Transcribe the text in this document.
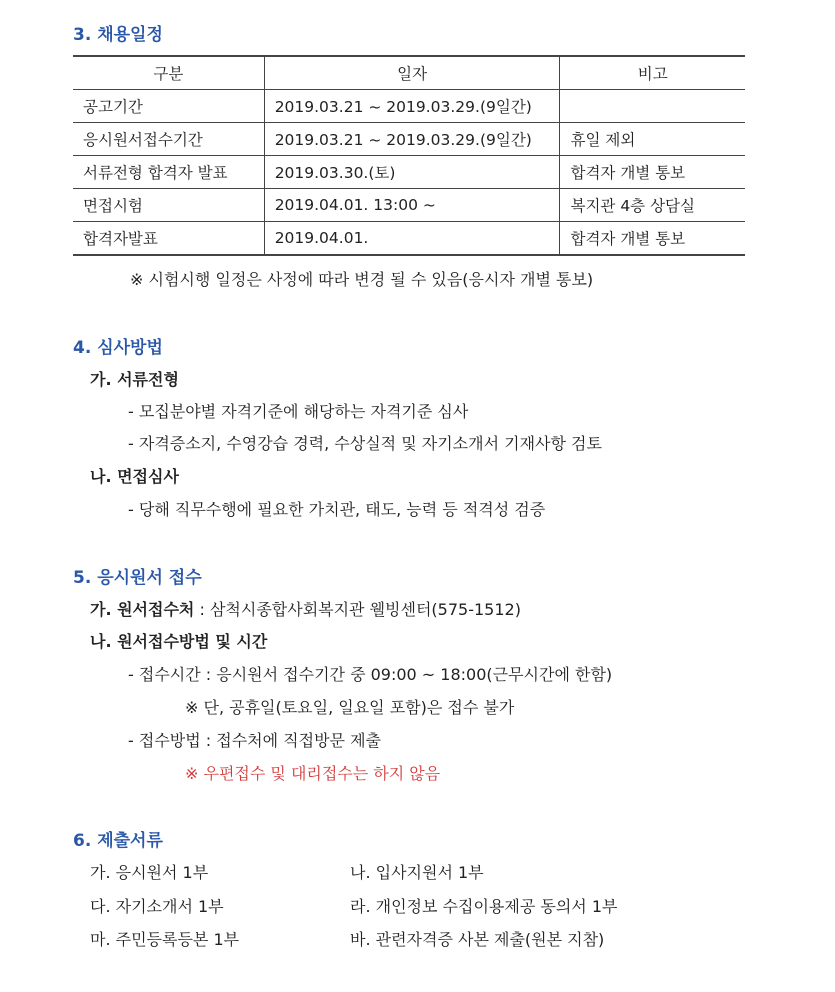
3. 채용일정
구분	일자	비고
공고기간	2019.03.21 ~ 2019.03.29.(9일간)	
응시원서접수기간	2019.03.21 ~ 2019.03.29.(9일간)	휴일 제외
서류전형 합격자 발표	2019.03.30.(토)	합격자 개별 통보
면접시험	2019.04.01. 13:00 ~	복지관 4층 상담실
합격자발표	2019.04.01.	합격자 개별 통보
※ 시험시행 일정은 사정에 따라 변경 될 수 있음(응시자 개별 통보)
4. 심사방법
가. 서류전형
- 모집분야별 자격기준에 해당하는 자격기준 심사
- 자격증소지, 수영강습 경력, 수상실적 및 자기소개서 기재사항 검토
나. 면접심사
- 당해 직무수행에 필요한 가치관, 태도, 능력 등 적격성 검증
5. 응시원서 접수
가. 원서접수처 : 삼척시종합사회복지관 웰빙센터(575-1512)
나. 원서접수방법 및 시간
- 접수시간 : 응시원서 접수기간 중 09:00 ~ 18:00(근무시간에 한함)
※ 단, 공휴일(토요일, 일요일 포함)은 접수 불가
- 접수방법 : 접수처에 직접방문 제출
※ 우편접수 및 대리접수는 하지 않음
6. 제출서류
가. 응시원서 1부	나. 입사지원서 1부
다. 자기소개서 1부	라. 개인정보 수집이용제공 동의서 1부
마. 주민등록등본 1부	바. 관련자격증 사본 제출(원본 지참)
